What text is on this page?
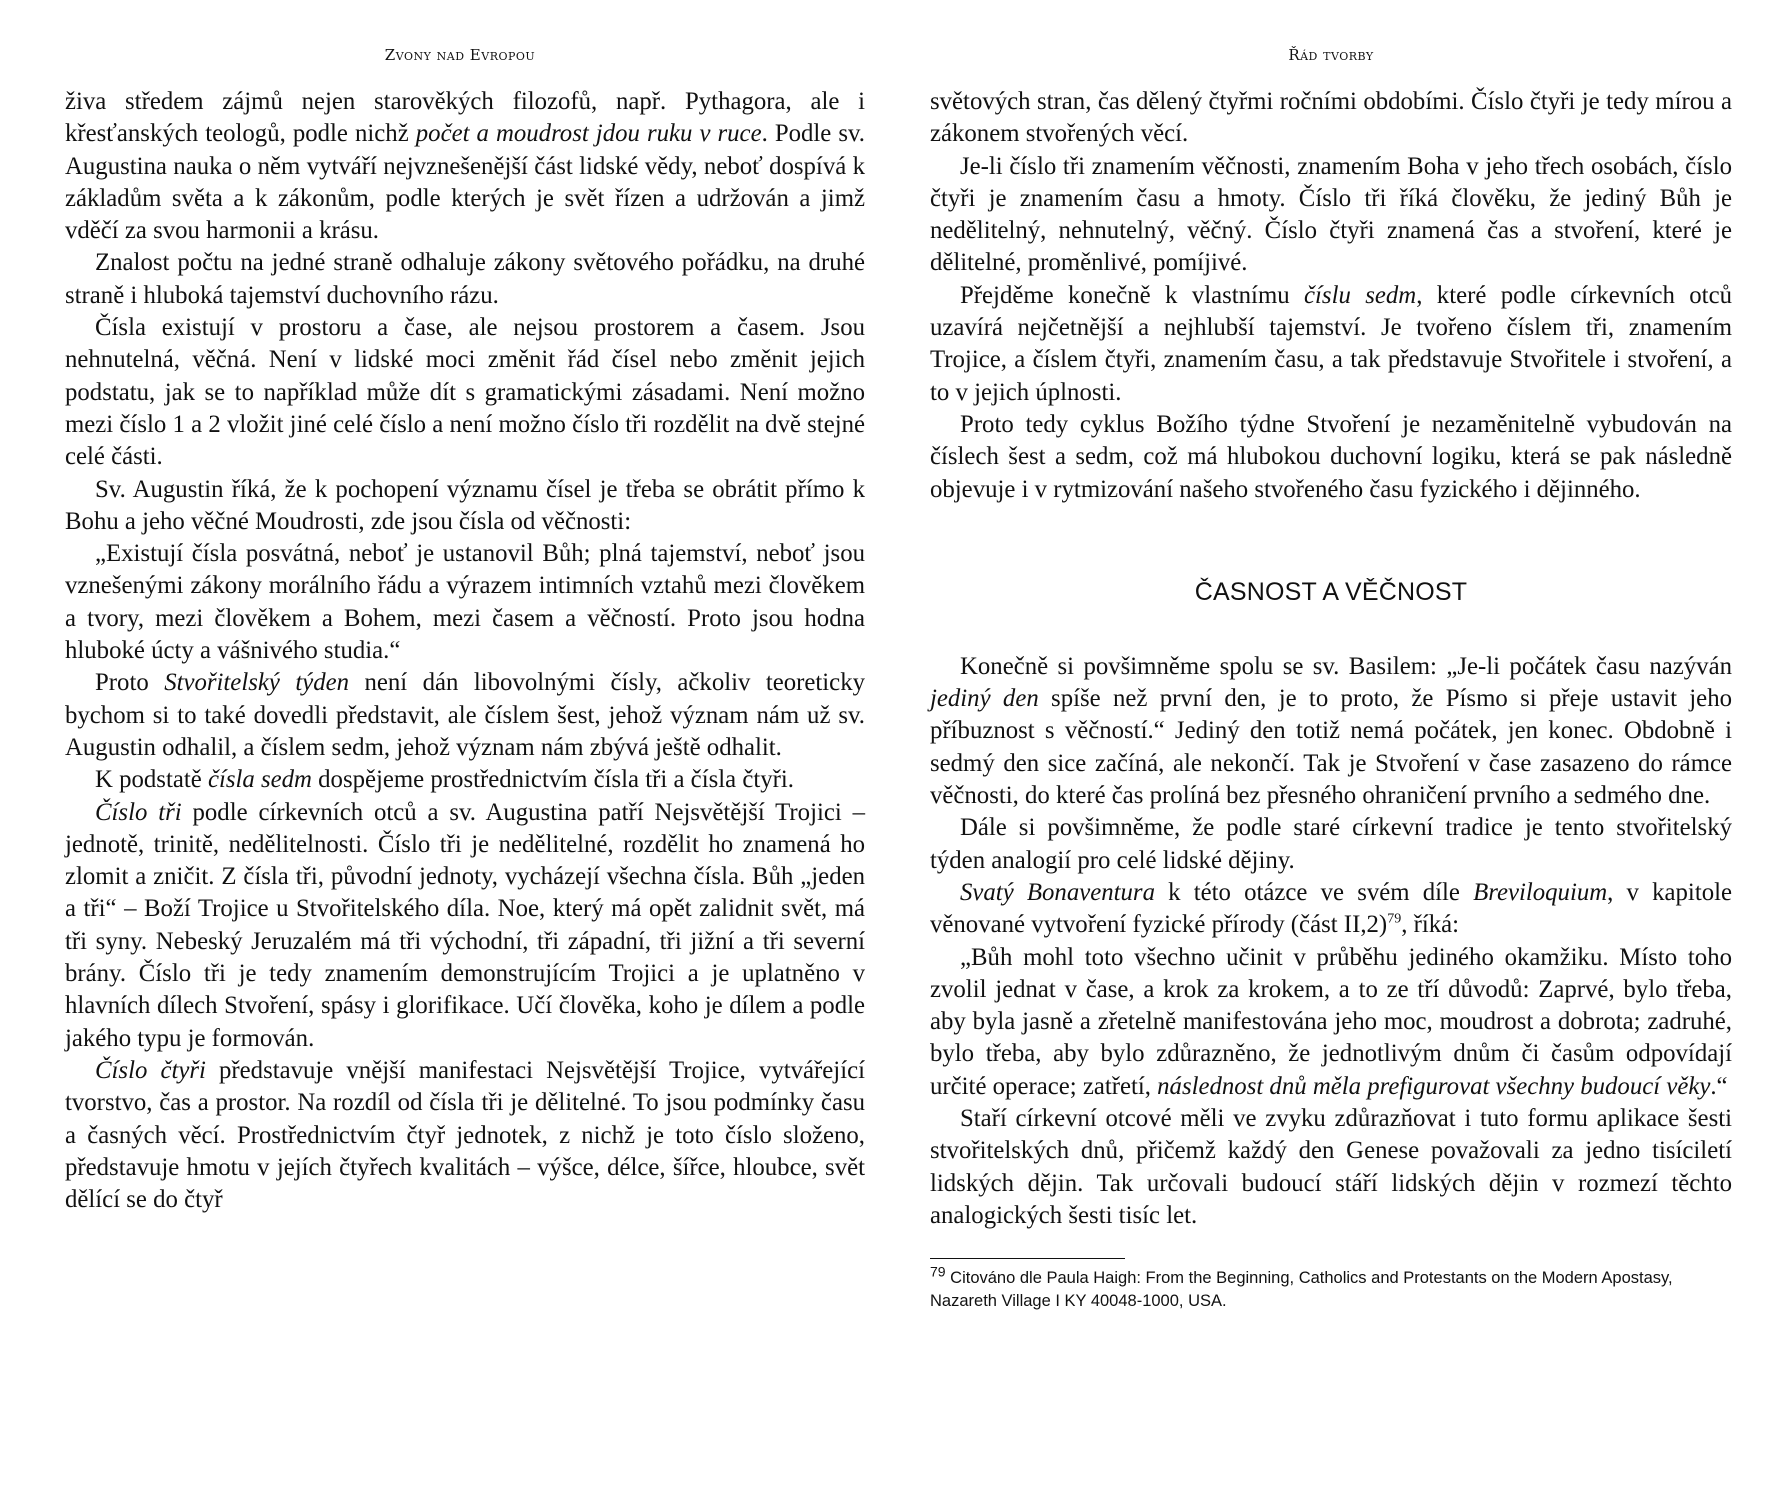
Zvony nad Evropou

živa středem zájmů nejen starověkých filozofů, např. Pythagora, ale i křesťanských teologů, podle nichž počet a moudrost jdou ruku v ruce. Podle sv. Augustina nauka o něm vytváří nejvznešenější část lidské vědy, neboť dospívá k základům světa a k zákonům, podle kterých je svět řízen a udržován a jimž vděčí za svou harmonii a krásu.

Znalost počtu na jedné straně odhaluje zákony světového pořádku, na druhé straně i hluboká tajemství duchovního rázu.

Čísla existují v prostoru a čase, ale nejsou prostorem a časem. Jsou nehnutelná, věčná. Není v lidské moci změnit řád čísel nebo změnit jejich podstatu, jak se to například může dít s gramatickými zásadami. Není možno mezi číslo 1 a 2 vložit jiné celé číslo a není možno číslo tři rozdělit na dvě stejné celé části.

Sv. Augustin říká, že k pochopení významu čísel je třeba se obrátit přímo k Bohu a jeho věčné Moudrosti, zde jsou čísla od věčnosti:

„Existují čísla posvátná, neboť je ustanovil Bůh; plná tajemství, neboť jsou vznešenými zákony morálního řádu a výrazem intimních vztahů mezi člověkem a tvory, mezi člověkem a Bohem, mezi časem a věčností. Proto jsou hodna hluboké úcty a vášnivého studia.“

Proto Stvořitelský týden není dán libovolnými čísly, ačkoliv teoreticky bychom si to také dovedli představit, ale číslem šest, jehož význam nám už sv. Augustin odhalil, a číslem sedm, jehož význam nám zbývá ještě odhalit.

K podstatě čísla sedm dospějeme prostřednictvím čísla tři a čísla čtyři.

Číslo tři podle církevních otců a sv. Augustina patří Nejsvětější Trojici – jednotě, trinitě, nedělitelnosti. Číslo tři je nedělitelné, rozdělit ho znamená ho zlomit a zničit. Z čísla tři, původní jednoty, vycházejí všechna čísla. Bůh „jeden a tři“ – Boží Trojice u Stvořitelského díla. Noe, který má opět zalidnit svět, má tři syny. Nebeský Jeruzalém má tři východní, tři západní, tři jižní a tři severní brány. Číslo tři je tedy znamením demonstrujícím Trojici a je uplatněno v hlavních dílech Stvoření, spásy i glorifikace. Učí člověka, koho je dílem a podle jakého typu je formován.

Číslo čtyři představuje vnější manifestaci Nejsvětější Trojice, vytvářející tvorstvo, čas a prostor. Na rozdíl od čísla tři je dělitelné. To jsou podmínky času a časných věcí. Prostřednictvím čtyř jednotek, z nichž je toto číslo složeno, představuje hmotu v jejích čtyřech kvalitách – výšce, délce, šířce, hloubce, svět dělící se do čtyř

Řád tvorby

světových stran, čas dělený čtyřmi ročními obdobími. Číslo čtyři je tedy mírou a zákonem stvořených věcí.

Je-li číslo tři znamením věčnosti, znamením Boha v jeho třech osobách, číslo čtyři je znamením času a hmoty. Číslo tři říká člověku, že jediný Bůh je nedělitelný, nehnutelný, věčný. Číslo čtyři znamená čas a stvoření, které je dělitelné, proměnlivé, pomíjivé.

Přejděme konečně k vlastnímu číslu sedm, které podle církevních otců uzavírá nejčetnější a nejhlubší tajemství. Je tvořeno číslem tři, znamením Trojice, a číslem čtyři, znamením času, a tak představuje Stvořitele i stvoření, a to v jejich úplnosti.

Proto tedy cyklus Božího týdne Stvoření je nezaměnitelně vybudován na číslech šest a sedm, což má hlubokou duchovní logiku, která se pak následně objevuje i v rytmizování našeho stvořeného času fyzického i dějinného.

ČASNOST A VĚČNOST

Konečně si povšimněme spolu se sv. Basilem: „Je-li počátek času nazýván jediný den spíše než první den, je to proto, že Písmo si přeje ustavit jeho příbuznost s věčností.“ Jediný den totiž nemá počátek, jen konec. Obdobně i sedmý den sice začíná, ale nekončí. Tak je Stvoření v čase zasazeno do rámce věčnosti, do které čas prolíná bez přesného ohraničení prvního a sedmého dne.

Dále si povšimněme, že podle staré církevní tradice je tento stvořitelský týden analogií pro celé lidské dějiny.

Svatý Bonaventura k této otázce ve svém díle Breviloquium, v kapitole věnované vytvoření fyzické přírody (část II,2)$^{79}$, říká:

„Bůh mohl toto všechno učinit v průběhu jediného okamžiku. Místo toho zvolil jednat v čase, a krok za krokem, a to ze tří důvodů: Zaprvé, bylo třeba, aby byla jasně a zřetelně manifestována jeho moc, moudrost a dobrota; zadruhé, bylo třeba, aby bylo zdůrazněno, že jednotlivým dnům či časům odpovídají určité operace; zatřetí, následnost dnů měla prefigurovat všechny budoucí věky.“

Staří církevní otcové měli ve zvyku zdůrazňovat i tuto formu aplikace šesti stvořitelských dnů, přičemž každý den Genese považovali za jedno tisíciletí lidských dějin. Tak určovali budoucí stáří lidských dějin v rozmezí těchto analogických šesti tisíc let.

$^{79}$ Citováno dle Paula Haigh: From the Beginning, Catholics and Protestants on the Modern Apostasy, Nazareth Village I KY 40048-1000, USA.
